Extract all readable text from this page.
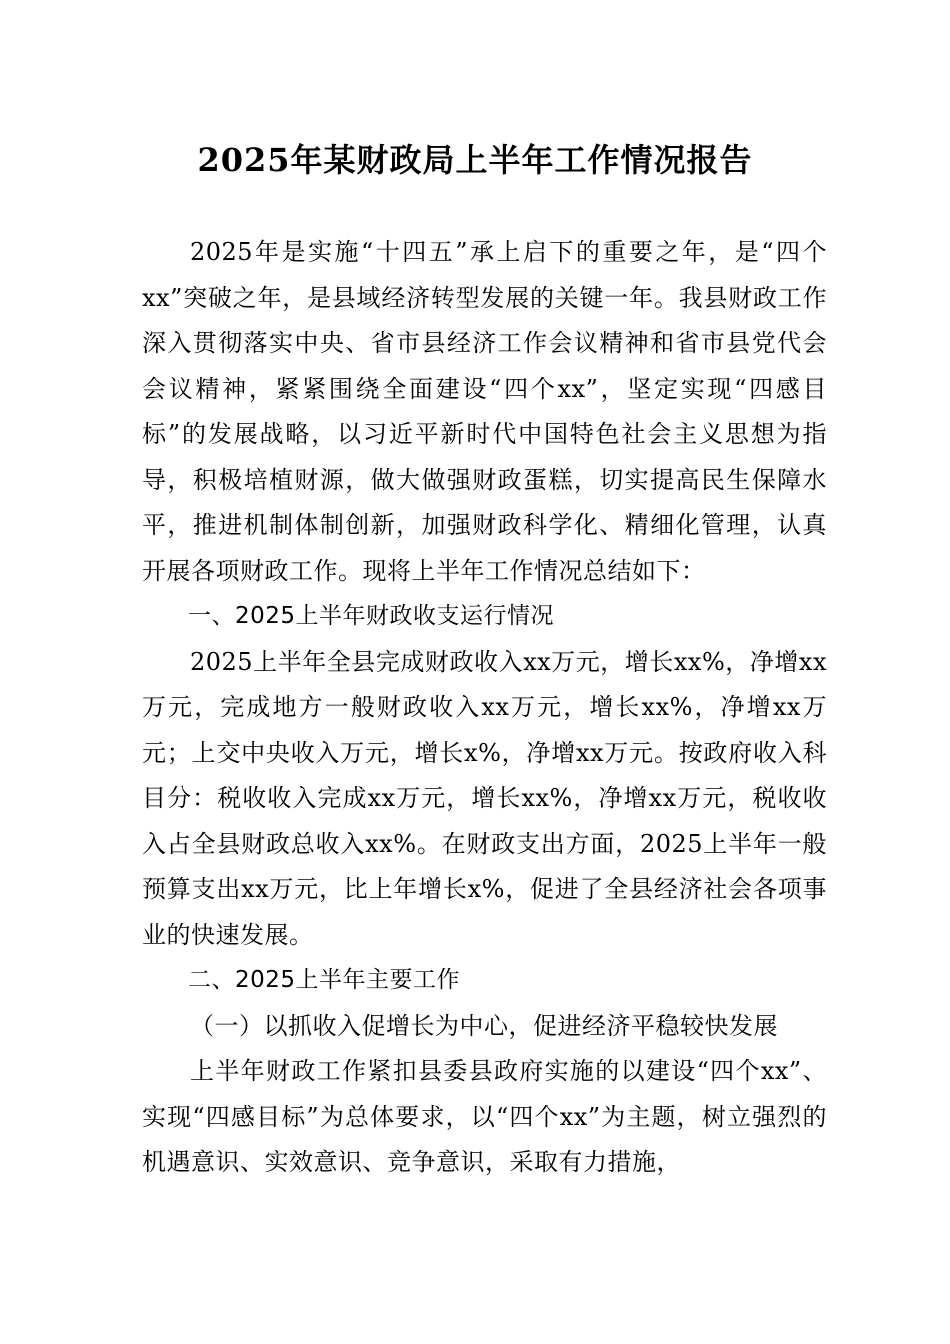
2025年某财政局上半年工作情况报告

2025年是实施“十四五”承上启下的重要之年，是“四个xx”突破之年，是县域经济转型发展的关键一年。我县财政工作深入贯彻落实中央、省市县经济工作会议精神和省市县党代会会议精神，紧紧围绕全面建设“四个xx”，坚定实现“四感目标”的发展战略，以习近平新时代中国特色社会主义思想为指导，积极培植财源，做大做强财政蛋糕，切实提高民生保障水平，推进机制体制创新，加强财政科学化、精细化管理，认真开展各项财政工作。现将上半年工作情况总结如下：

一、2025上半年财政收支运行情况

2025上半年全县完成财政收入xx万元，增长xx%，净增xx万元，完成地方一般财政收入xx万元，增长xx%，净增xx万元；上交中央收入万元，增长x%，净增xx万元。按政府收入科目分：税收收入完成xx万元，增长xx%，净增xx万元，税收收入占全县财政总收入xx%。在财政支出方面，2025上半年一般预算支出xx万元，比上年增长x%，促进了全县经济社会各项事业的快速发展。

二、2025上半年主要工作

（一）以抓收入促增长为中心，促进经济平稳较快发展

上半年财政工作紧扣县委县政府实施的以建设“四个xx”、实现“四感目标”为总体要求，以“四个xx”为主题，树立强烈的机遇意识、实效意识、竞争意识，采取有力措施，
